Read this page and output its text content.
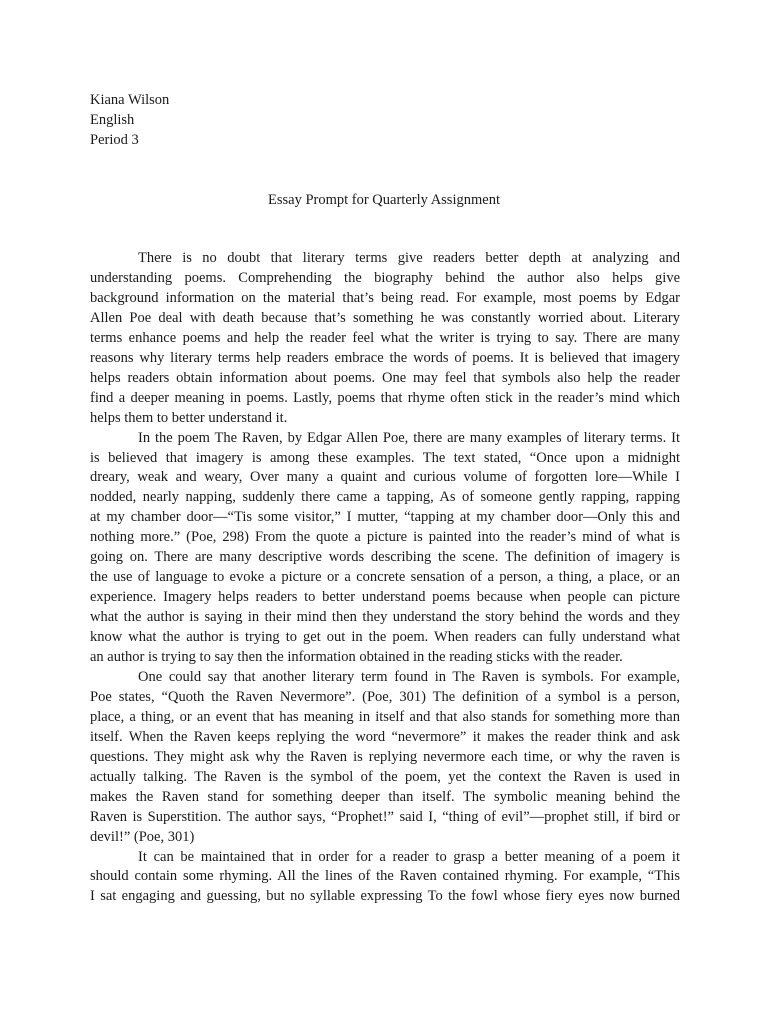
Kiana Wilson
English
Period 3
Essay Prompt for Quarterly Assignment
There is no doubt that literary terms give readers better depth at analyzing and
understanding poems. Comprehending the biography behind the author also helps give
background information on the material that’s being read. For example, most poems by Edgar
Allen Poe deal with death because that’s something he was constantly worried about. Literary
terms enhance poems and help the reader feel what the writer is trying to say. There are many
reasons why literary terms help readers embrace the words of poems. It is believed that imagery
helps readers obtain information about poems. One may feel that symbols also help the reader
find a deeper meaning in poems. Lastly, poems that rhyme often stick in the reader’s mind which
helps them to better understand it.
In the poem The Raven, by Edgar Allen Poe, there are many examples of literary terms. It
is believed that imagery is among these examples. The text stated, “Once upon a midnight
dreary, weak and weary, Over many a quaint and curious volume of forgotten lore—While I
nodded, nearly napping, suddenly there came a tapping, As of someone gently rapping, rapping
at my chamber door—“Tis some visitor,” I mutter, “tapping at my chamber door—Only this and
nothing more.” (Poe, 298) From the quote a picture is painted into the reader’s mind of what is
going on. There are many descriptive words describing the scene. The definition of imagery is
the use of language to evoke a picture or a concrete sensation of a person, a thing, a place, or an
experience. Imagery helps readers to better understand poems because when people can picture
what the author is saying in their mind then they understand the story behind the words and they
know what the author is trying to get out in the poem. When readers can fully understand what
an author is trying to say then the information obtained in the reading sticks with the reader.
One could say that another literary term found in The Raven is symbols. For example,
Poe states, “Quoth the Raven Nevermore”. (Poe, 301) The definition of a symbol is a person,
place, a thing, or an event that has meaning in itself and that also stands for something more than
itself. When the Raven keeps replying the word “nevermore” it makes the reader think and ask
questions. They might ask why the Raven is replying nevermore each time, or why the raven is
actually talking. The Raven is the symbol of the poem, yet the context the Raven is used in
makes the Raven stand for something deeper than itself. The symbolic meaning behind the
Raven is Superstition. The author says, “Prophet!” said I, “thing of evil”—prophet still, if bird or
devil!” (Poe, 301)
It can be maintained that in order for a reader to grasp a better meaning of a poem it
should contain some rhyming. All the lines of the Raven contained rhyming. For example, “This
I sat engaging and guessing, but no syllable expressing To the fowl whose fiery eyes now burned
